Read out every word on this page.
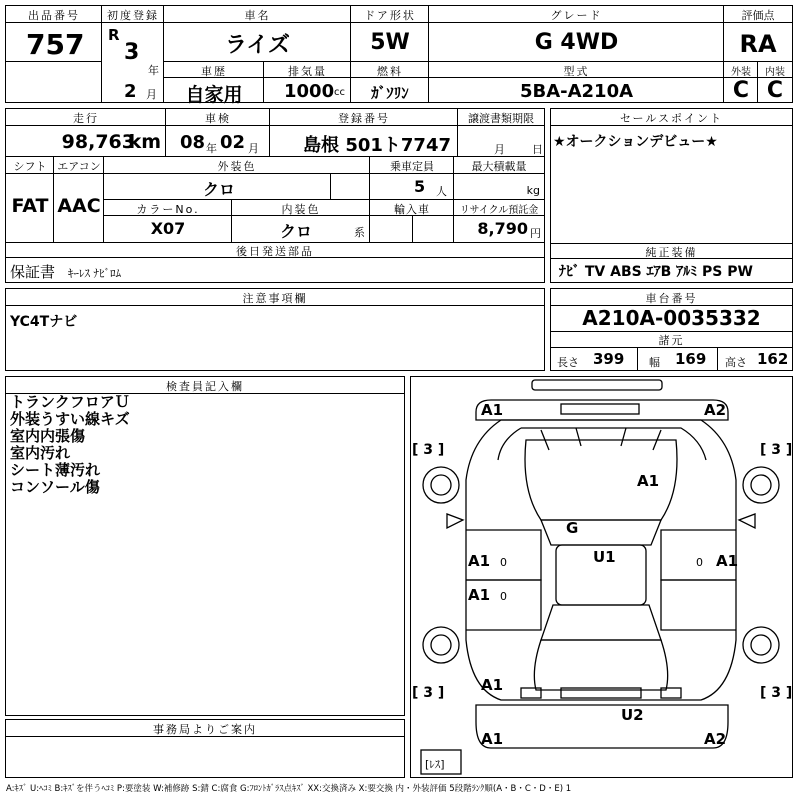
出品番号
757
初度登録
R
3
年
2 月
車名
ライズ
ドア形状
5W
グレード
G 4WD
評価点
RA
車歴
自家用
排気量
1000 cc
燃料
ｶﾞｿﾘﾝ
型式
5BA-A210A
外装
C
内装
C
走行
98,763
km
車検
08 年 02 月
登録番号
島根 501ト7747
譲渡書類期限
月 日
シフト
FAT
エアコン
AAC
外装色
クロ
乗車定員
5 人
最大積載量
kg
カラーNo.
X07
内装色
クロ	系
輸入車	リサイクル預託金
8,790 円
後日発送部品
保証書 ｷｰﾚｽ ﾅﾋﾞﾛﾑ
セールスポイント
★オークションデビュー★
純正装備
ﾅﾋﾞ TV ABS ｴｱB ｱﾙﾐ PS PW
注意事項欄
YC4Tナビ
車台番号
A210A-0035332
諸元
長さ 399 幅 169 高さ 162
検査員記入欄
トランクフロアＵ
外装うすい線キズ
室内内張傷
室内汚れ
シート薄汚れ
コンソール傷
事務局よりご案内
A1	A2
A1
G
U1
A1
A1
A1
A1
U2
A1	A2
[ 3 ]	[ 3 ]
[ 3 ]	[ 3 ]
[ﾚｽ]
0
0
0
A:ｷｽﾞ U:ﾍｺﾐ B:ｷｽﾞを伴うﾍｺﾐ P:要塗装 W:補修跡 S:錆 C:腐食 G:ﾌﾛﾝﾄｶﾞﾗｽ点ｷｽﾞ XX:交換済み X:要交換 内・外装評価 5段階ﾗﾝｸ順(A・B・C・D・E) 1
